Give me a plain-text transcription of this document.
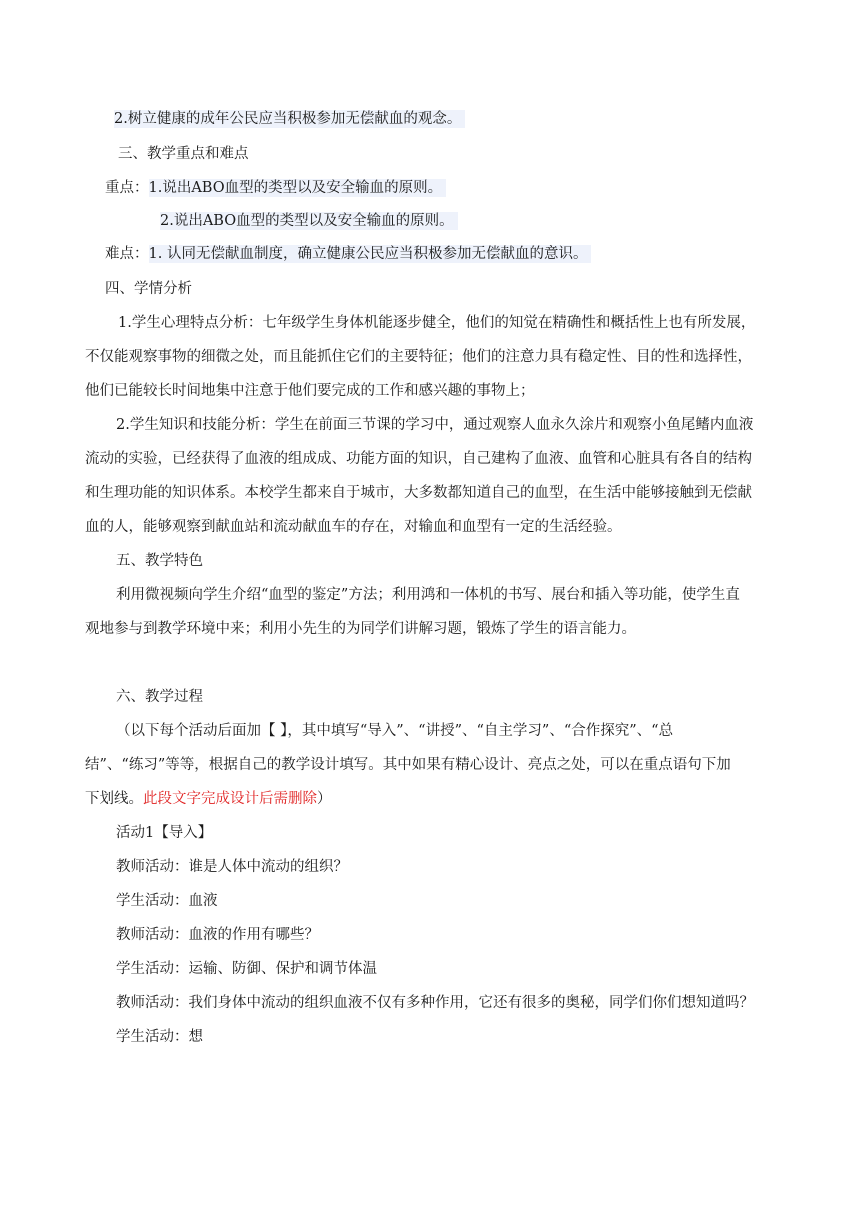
2.树立健康的成年公民应当积极参加无偿献血的观念。
三、教学重点和难点
重点：1.说出ABO血型的类型以及安全输血的原则。
2.说出ABO血型的类型以及安全输血的原则。
难点：1. 认同无偿献血制度，确立健康公民应当积极参加无偿献血的意识。
四、学情分析
1.学生心理特点分析：七年级学生身体机能逐步健全，他们的知觉在精确性和概括性上也有所发展，
不仅能观察事物的细微之处，而且能抓住它们的主要特征；他们的注意力具有稳定性、目的性和选择性，
他们已能较长时间地集中注意于他们要完成的工作和感兴趣的事物上；
2.学生知识和技能分析：学生在前面三节课的学习中，通过观察人血永久涂片和观察小鱼尾鳍内血液
流动的实验，已经获得了血液的组成成、功能方面的知识，自己建构了血液、血管和心脏具有各自的结构
和生理功能的知识体系。本校学生都来自于城市，大多数都知道自己的血型，在生活中能够接触到无偿献
血的人，能够观察到献血站和流动献血车的存在，对输血和血型有一定的生活经验。
五、教学特色
利用微视频向学生介绍“血型的鉴定”方法；利用鸿和一体机的书写、展台和插入等功能，使学生直
观地参与到教学环境中来；利用小先生的为同学们讲解习题，锻炼了学生的语言能力。
六、教学过程
（以下每个活动后面加【 】，其中填写“导入”、“讲授”、“自主学习”、“合作探究”、“总
结”、“练习”等等，根据自己的教学设计填写。其中如果有精心设计、亮点之处，可以在重点语句下加
下划线。此段文字完成设计后需删除）
活动1【导入】
教师活动：谁是人体中流动的组织？
学生活动：血液
教师活动：血液的作用有哪些？
学生活动：运输、防御、保护和调节体温
教师活动：我们身体中流动的组织血液不仅有多种作用，它还有很多的奥秘，同学们你们想知道吗？
学生活动：想
